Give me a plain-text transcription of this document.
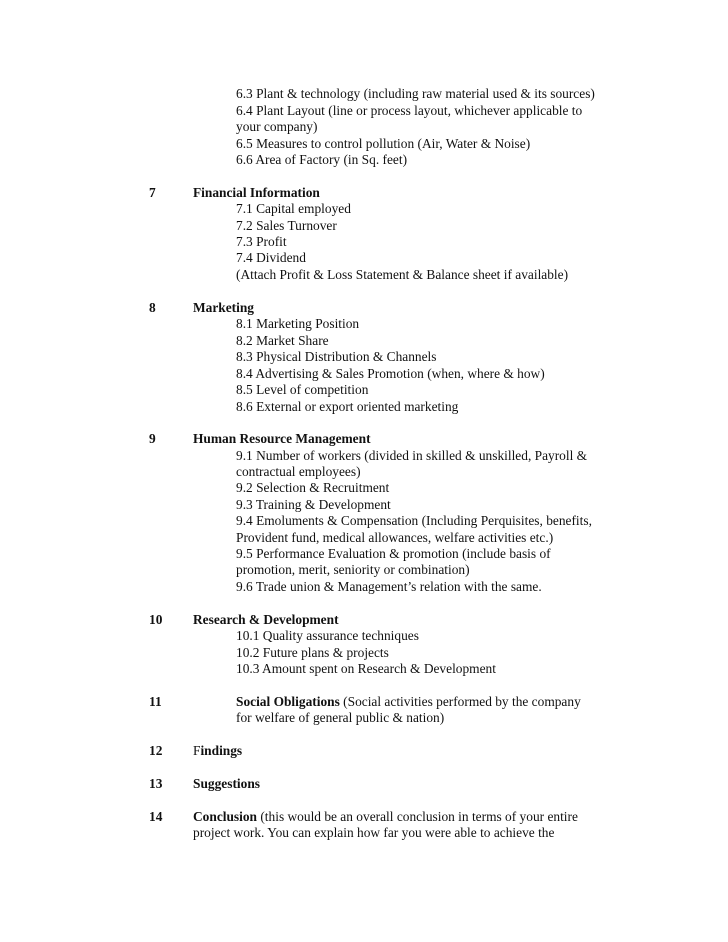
6.3 Plant & technology (including raw material used & its sources)
6.4 Plant Layout (line or process layout, whichever applicable to
your company)
6.5 Measures to control pollution (Air, Water & Noise)
6.6 Area of Factory (in Sq. feet)
7	Financial Information
7.1 Capital employed
7.2 Sales Turnover
7.3 Profit
7.4 Dividend
(Attach Profit & Loss Statement & Balance sheet if available)
8	Marketing
8.1 Marketing Position
8.2 Market Share
8.3 Physical Distribution & Channels
8.4 Advertising & Sales Promotion (when, where & how)
8.5 Level of competition
8.6 External or export oriented marketing
9	Human Resource Management
9.1 Number of workers (divided in skilled & unskilled, Payroll &
contractual employees)
9.2 Selection & Recruitment
9.3 Training & Development
9.4 Emoluments & Compensation (Including Perquisites, benefits,
Provident fund, medical allowances, welfare activities etc.)
9.5 Performance Evaluation & promotion (include basis of
promotion, merit, seniority or combination)
9.6 Trade union & Management’s relation with the same.
10 Research & Development
10.1 Quality assurance techniques
10.2 Future plans & projects
10.3 Amount spent on Research & Development
11	Social Obligations (Social activities performed by the company
for welfare of general public & nation)
12 Findings
13 Suggestions
14 Conclusion (this would be an overall conclusion in terms of your entire
project work. You can explain how far you were able to achieve the
